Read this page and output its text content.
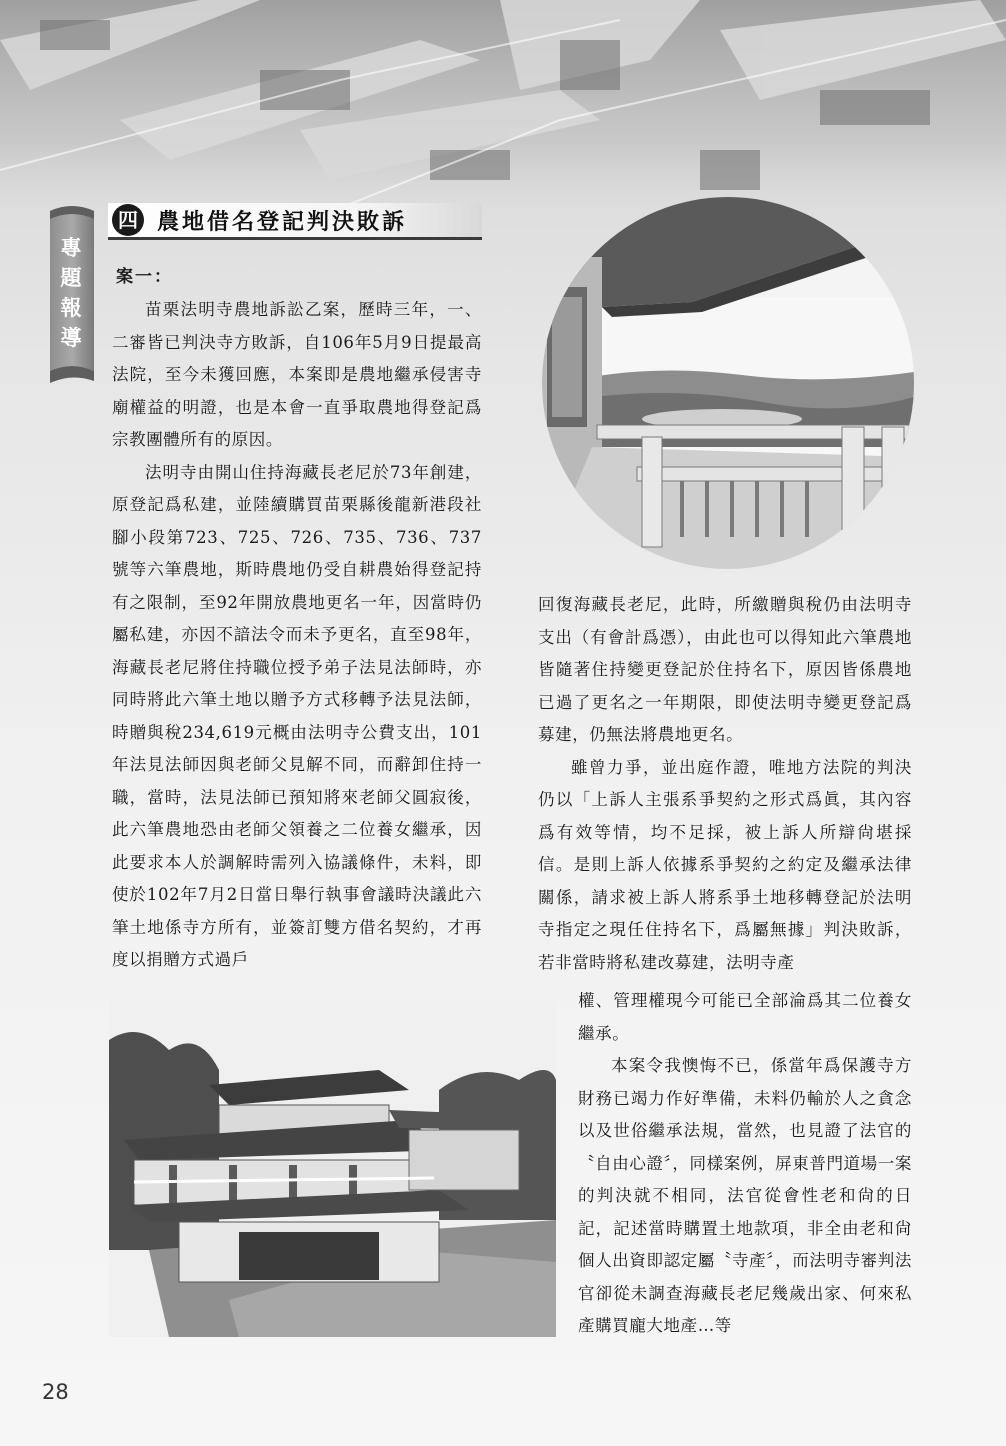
專
題
報
導
四 農地借名登記判決敗訴
案一：

苗栗法明寺農地訴訟乙案，歷時三年，一、二審皆已判決寺方敗訴，自106年5月9日提最高法院，至今未獲回應，本案即是農地繼承侵害寺廟權益的明證，也是本會一直爭取農地得登記爲宗教團體所有的原因。

法明寺由開山住持海藏長老尼於73年創建，原登記爲私建，並陸續購買苗栗縣後龍新港段社腳小段第723、725、726、735、736、737號等六筆農地，斯時農地仍受自耕農始得登記持有之限制，至92年開放農地更名一年，因當時仍屬私建，亦因不諳法令而未予更名，直至98年，海藏長老尼將住持職位授予弟子法見法師時，亦同時將此六筆土地以贈予方式移轉予法見法師，時贈與稅234,619元概由法明寺公費支出，101年法見法師因與老師父見解不同，而辭卸住持一職，當時，法見法師已預知將來老師父圓寂後，此六筆農地恐由老師父領養之二位養女繼承，因此要求本人於調解時需列入協議條件，未料，即使於102年7月2日當日舉行執事會議時決議此六筆土地係寺方所有，並簽訂雙方借名契約，才再度以捐贈方式過戶

回復海藏長老尼，此時，所繳贈與稅仍由法明寺支出（有會計爲憑），由此也可以得知此六筆農地皆隨著住持變更登記於住持名下，原因皆係農地已過了更名之一年期限，即使法明寺變更登記爲募建，仍無法將農地更名。

雖曾力爭，並出庭作證，唯地方法院的判決仍以「上訴人主張系爭契約之形式爲眞，其內容爲有效等情，均不足採，被上訴人所辯尙堪採信。是則上訴人依據系爭契約之約定及繼承法律關係，請求被上訴人將系爭土地移轉登記於法明寺指定之現任住持名下，爲屬無據」判決敗訴，若非當時將私建改募建，法明寺產

權、管理權現今可能已全部淪爲其二位養女繼承。

本案令我懊悔不已，係當年爲保護寺方財務已竭力作好準備，未料仍輸於人之貪念以及世俗繼承法規，當然，也見證了法官的〝自由心證〞，同樣案例，屏東普門道場一案的判決就不相同，法官從會性老和尙的日記，記述當時購置土地款項，非全由老和尙個人出資即認定屬〝寺產〞，而法明寺審判法官卻從未調查海藏長老尼幾歲出家、何來私產購買龐大地產…等

28
